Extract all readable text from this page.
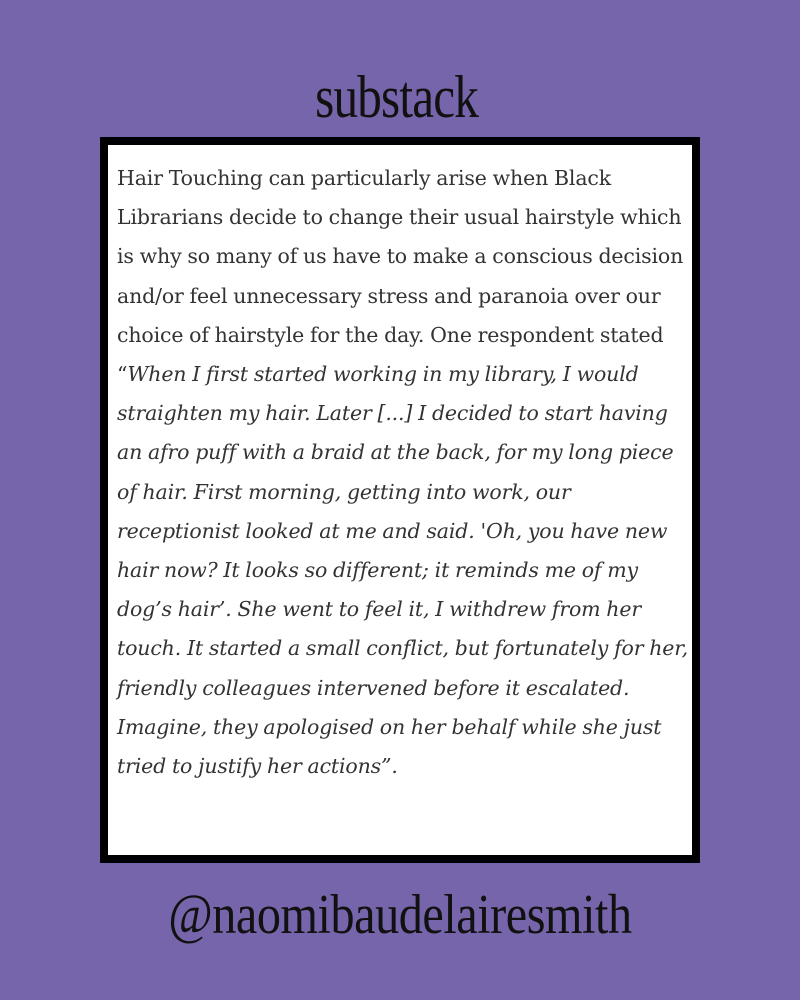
substack
Hair Touching can particularly arise when Black Librarians decide to change their usual hairstyle which is why so many of us have to make a conscious decision and/or feel unnecessary stress and paranoia over our choice of hairstyle for the day. One respondent stated “When I first started working in my library, I would straighten my hair. Later [...] I decided to start having an afro puff with a braid at the back, for my long piece of hair. First morning, getting into work, our receptionist looked at me and said. 'Oh, you have new hair now? It looks so different; it reminds me of my dog’s hair’. She went to feel it, I withdrew from her touch. It started a small conflict, but fortunately for her, friendly colleagues intervened before it escalated. Imagine, they apologised on her behalf while she just tried to justify her actions”.
@naomibaudelairesmith
